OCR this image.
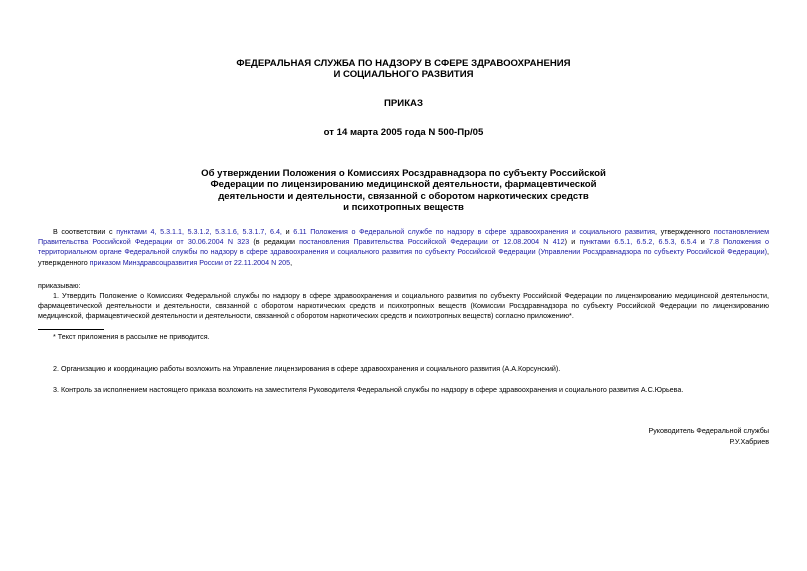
ФЕДЕРАЛЬНАЯ СЛУЖБА ПО НАДЗОРУ В СФЕРЕ ЗДРАВООХРАНЕНИЯ
И СОЦИАЛЬНОГО РАЗВИТИЯ
ПРИКАЗ
от 14 марта 2005 года N 500-Пр/05
Об утверждении Положения о Комиссиях Росздравнадзора по субъекту Российской
Федерации по лицензированию медицинской деятельности, фармацевтической
деятельности и деятельности, связанной с оборотом наркотических средств
и психотропных веществ

В соответствии с пунктами 4, 5.3.1.1, 5.3.1.2, 5.3.1.6, 5.3.1.7, 6.4, и 6.11 Положения о Федеральной службе по надзору в сфере здравоохранения и социального развития, утвержденного постановлением Правительства Российской Федерации от 30.06.2004 N 323 (в редакции постановления Правительства Российской Федерации от 12.08.2004 N 412) и пунктами 6.5.1, 6.5.2, 6.5.3, 6.5.4 и 7.8 Положения о территориальном органе Федеральной службы по надзору в сфере здравоохранения и социального развития по субъекту Российской Федерации (Управлении Росздравнадзора по субъекту Российской Федерации), утвержденного приказом Минздравсоцразвития России от 22.11.2004 N 205,

приказываю:

1. Утвердить Положение о Комиссиях Федеральной службы по надзору в сфере здравоохранения и социального развития по субъекту Российской Федерации по лицензированию медицинской деятельности, фармацевтической деятельности и деятельности, связанной с оборотом наркотических средств и психотропных веществ (Комиссии Росздравнадзора по субъекту Российской Федерации по лицензированию медицинской, фармацевтической деятельности и деятельности, связанной с оборотом наркотических средств и психотропных веществ) согласно приложению*.

* Текст приложения в рассылке не приводится.

2. Организацию и координацию работы возложить на Управление лицензирования в сфере здравоохранения и социального развития (А.А.Корсунский).

3. Контроль за исполнением настоящего приказа возложить на заместителя Руководителя Федеральной службы по надзору в сфере здравоохранения и социального развития А.С.Юрьева.

Руководитель Федеральной службы
Р.У.Хабриев
